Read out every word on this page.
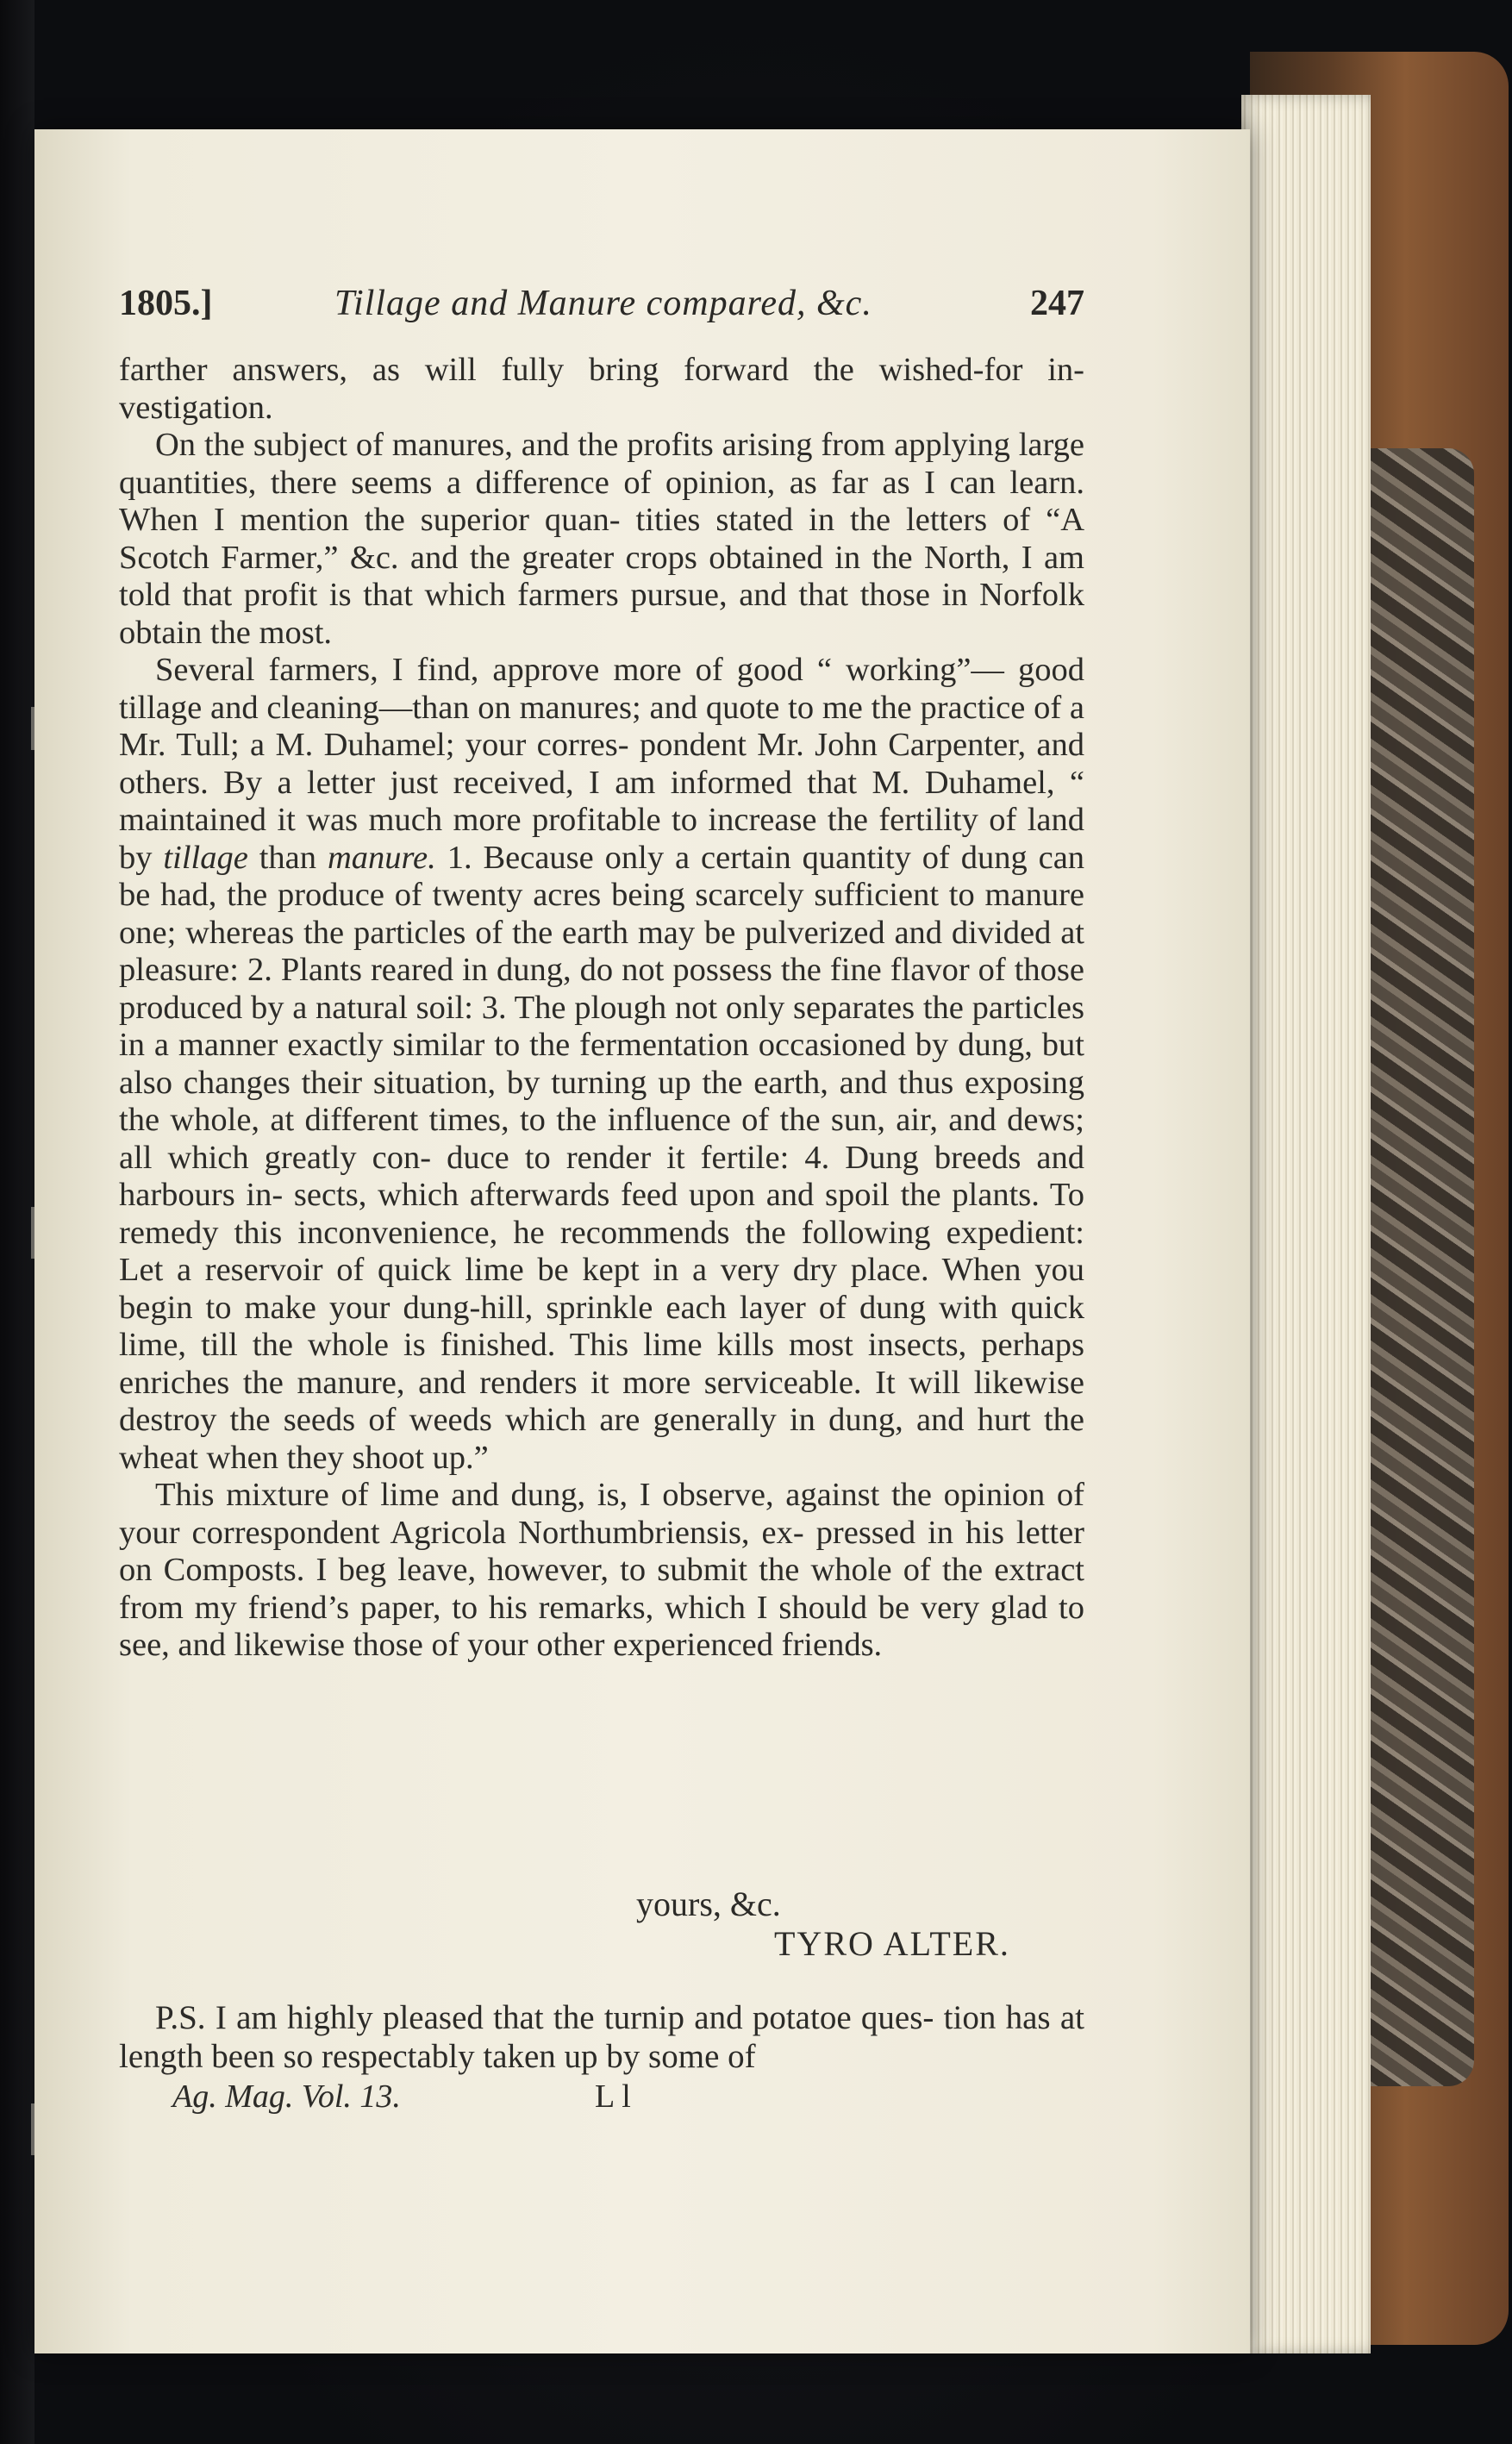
1805.]	Tillage and Manure compared, &c.	247

farther answers, as will fully bring forward the wished-for in- vestigation.

On the subject of manures, and the profits arising from applying large quantities, there seems a difference of opinion, as far as I can learn. When I mention the superior quan- tities stated in the letters of “A Scotch Farmer,” &c. and the greater crops obtained in the North, I am told that profit is that which farmers pursue, and that those in Norfolk obtain the most.

Several farmers, I find, approve more of good “ working”— good tillage and cleaning—than on manures; and quote to me the practice of a Mr. Tull; a M. Duhamel; your corres- pondent Mr. John Carpenter, and others. By a letter just received, I am informed that M. Duhamel, “ maintained it was much more profitable to increase the fertility of land by tillage than manure. 1. Because only a certain quantity of dung can be had, the produce of twenty acres being scarcely sufficient to manure one; whereas the particles of the earth may be pulverized and divided at pleasure: 2. Plants reared in dung, do not possess the fine flavor of those produced by a natural soil: 3. The plough not only separates the particles in a manner exactly similar to the fermentation occasioned by dung, but also changes their situation, by turning up the earth, and thus exposing the whole, at different times, to the influence of the sun, air, and dews; all which greatly con- duce to render it fertile: 4. Dung breeds and harbours in- sects, which afterwards feed upon and spoil the plants. To remedy this inconvenience, he recommends the following expedient: Let a reservoir of quick lime be kept in a very dry place. When you begin to make your dung-hill, sprinkle each layer of dung with quick lime, till the whole is finished. This lime kills most insects, perhaps enriches the manure, and renders it more serviceable. It will likewise destroy the seeds of weeds which are generally in dung, and hurt the wheat when they shoot up.”

This mixture of lime and dung, is, I observe, against the opinion of your correspondent Agricola Northumbriensis, ex- pressed in his letter on Composts. I beg leave, however, to submit the whole of the extract from my friend’s paper, to his remarks, which I should be very glad to see, and likewise those of your other experienced friends.

yours, &c.
TYRO ALTER.

P.S. I am highly pleased that the turnip and potatoe ques- tion has at length been so respectably taken up by some of

Ag. Mag. Vol. 13.	L l
